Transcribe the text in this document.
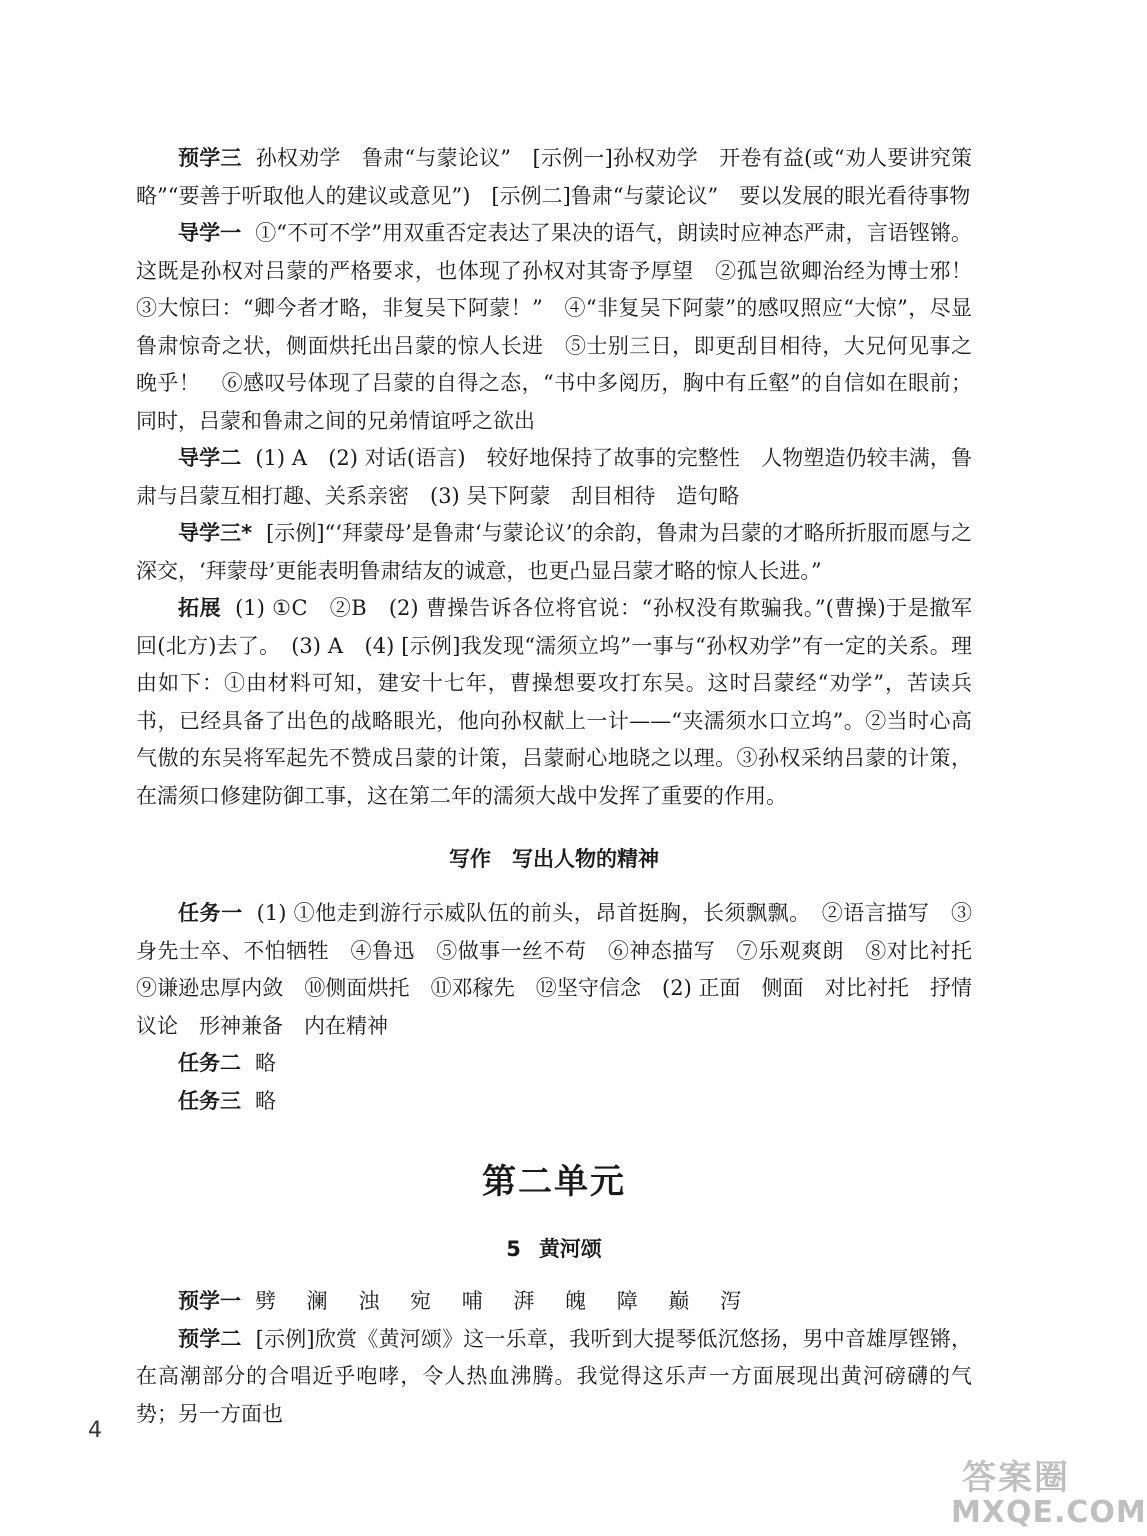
预学三 孙权劝学　鲁肃“与蒙论议”　[示例一]孙权劝学　开卷有益(或“劝人要讲究策略”“要善于听取他人的建议或意见”)　[示例二]鲁肃“与蒙论议”　要以发展的眼光看待事物

导学一 ①“不可不学”用双重否定表达了果决的语气，朗读时应神态严肃，言语铿锵。这既是孙权对吕蒙的严格要求，也体现了孙权对其寄予厚望　②孤岂欲卿治经为博士邪！　③大惊曰：“卿今者才略，非复吴下阿蒙！”　④“非复吴下阿蒙”的感叹照应“大惊”，尽显鲁肃惊奇之状，侧面烘托出吕蒙的惊人长进　⑤士别三日，即更刮目相待，大兄何见事之晚乎！　⑥感叹号体现了吕蒙的自得之态，“书中多阅历，胸中有丘壑”的自信如在眼前；同时，吕蒙和鲁肃之间的兄弟情谊呼之欲出

导学二 (1) A　(2) 对话(语言)　较好地保持了故事的完整性　人物塑造仍较丰满，鲁肃与吕蒙互相打趣、关系亲密　(3) 吴下阿蒙　刮目相待　造句略

导学三* [示例]“‘拜蒙母’是鲁肃‘与蒙论议’的余韵，鲁肃为吕蒙的才略所折服而愿与之深交，‘拜蒙母’更能表明鲁肃结友的诚意，也更凸显吕蒙才略的惊人长进。”

拓展 (1) ①C　②B　(2) 曹操告诉各位将官说：“孙权没有欺骗我。”(曹操)于是撤军回(北方)去了。　(3) A　(4) [示例]我发现“濡须立坞”一事与“孙权劝学”有一定的关系。理由如下：①由材料可知，建安十七年，曹操想要攻打东吴。这时吕蒙经“劝学”，苦读兵书，已经具备了出色的战略眼光，他向孙权献上一计——“夹濡须水口立坞”。②当时心高气傲的东吴将军起先不赞成吕蒙的计策，吕蒙耐心地晓之以理。③孙权采纳吕蒙的计策，在濡须口修建防御工事，这在第二年的濡须大战中发挥了重要的作用。

写作　写出人物的精神

任务一 (1) ①他走到游行示威队伍的前头，昂首挺胸，长须飘飘。　②语言描写　③身先士卒、不怕牺牲　④鲁迅　⑤做事一丝不苟　⑥神态描写　⑦乐观爽朗　⑧对比衬托　⑨谦逊忠厚内敛　⑩侧面烘托　⑪邓稼先　⑫坚守信念　(2) 正面　侧面　对比衬托　抒情议论　形神兼备　内在精神

任务二 略

任务三 略

第二单元
5 黄河颂

预学一 劈 澜 浊 宛 哺 湃 魄 障 巅 泻

预学二 [示例]欣赏《黄河颂》这一乐章，我听到大提琴低沉悠扬，男中音雄厚铿锵，在高潮部分的合唱近乎咆哮，令人热血沸腾。我觉得这乐声一方面展现出黄河磅礴的气势；另一方面也

4
答案圈
MXQE.COM
